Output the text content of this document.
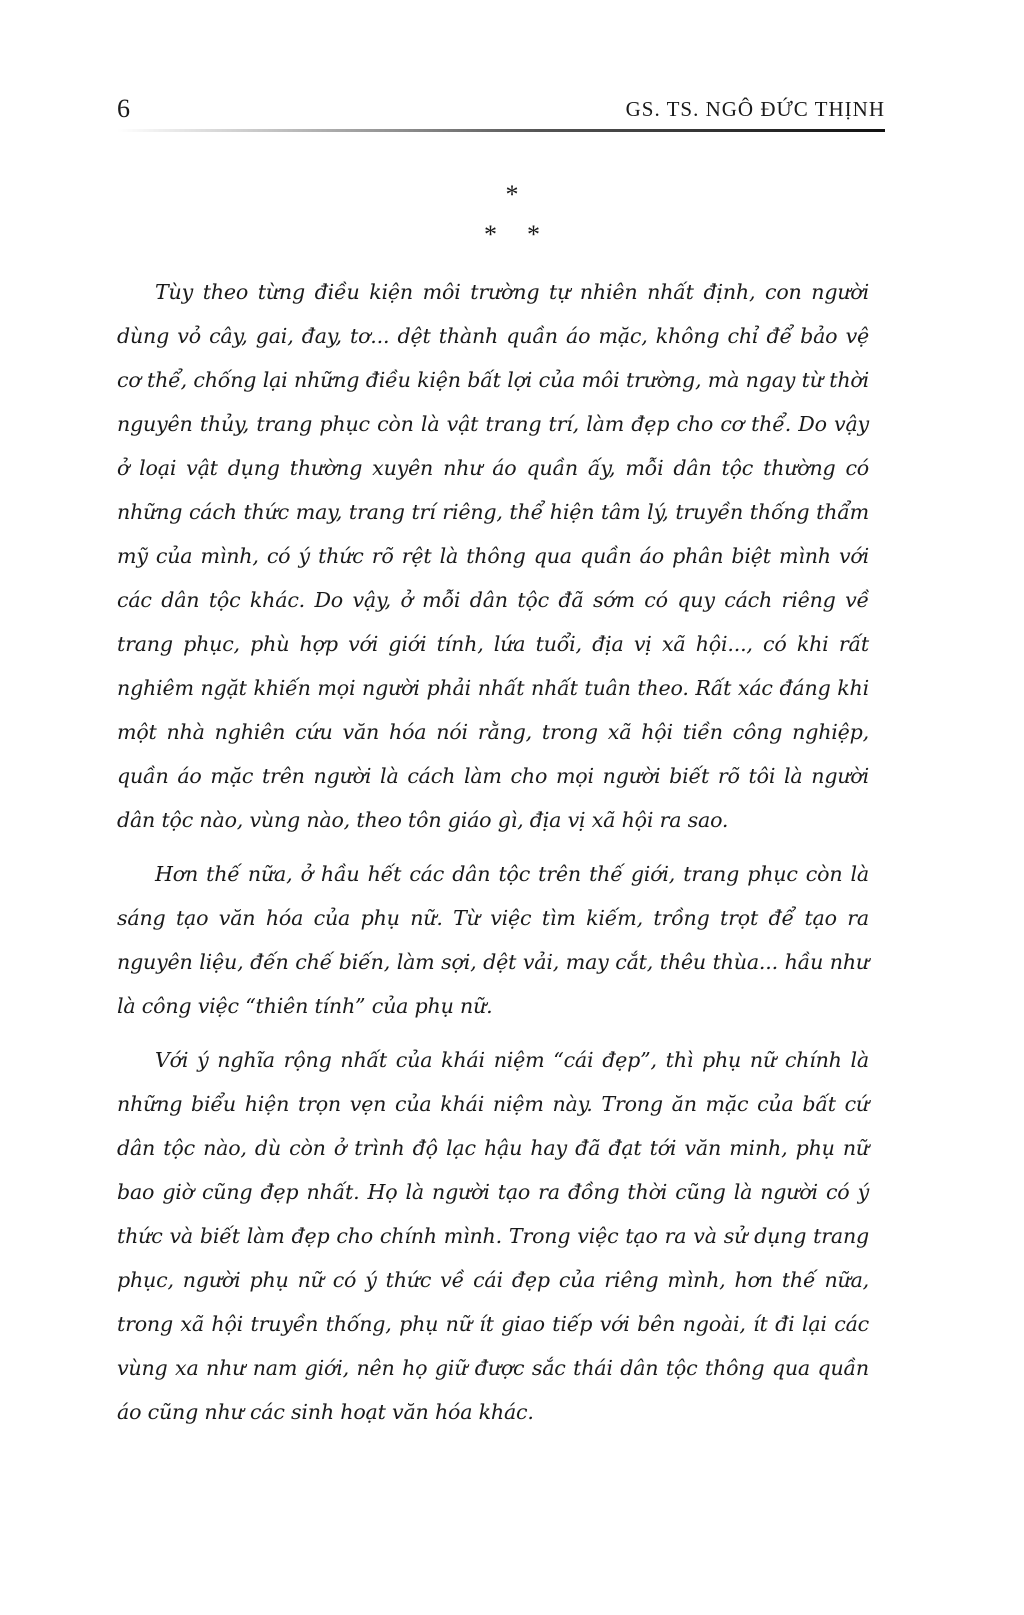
6	GS. TS. NGÔ ĐỨC THỊNH
*
* *

Tùy theo từng điều kiện môi trường tự nhiên nhất định, con người dùng vỏ cây, gai, đay, tơ... dệt thành quần áo mặc, không chỉ để bảo vệ cơ thể, chống lại những điều kiện bất lợi của môi trường, mà ngay từ thời nguyên thủy, trang phục còn là vật trang trí, làm đẹp cho cơ thể. Do vậy ở loại vật dụng thường xuyên như áo quần ấy, mỗi dân tộc thường có những cách thức may, trang trí riêng, thể hiện tâm lý, truyền thống thẩm mỹ của mình, có ý thức rõ rệt là thông qua quần áo phân biệt mình với các dân tộc khác. Do vậy, ở mỗi dân tộc đã sớm có quy cách riêng về trang phục, phù hợp với giới tính, lứa tuổi, địa vị xã hội..., có khi rất nghiêm ngặt khiến mọi người phải nhất nhất tuân theo. Rất xác đáng khi một nhà nghiên cứu văn hóa nói rằng, trong xã hội tiền công nghiệp, quần áo mặc trên người là cách làm cho mọi người biết rõ tôi là người dân tộc nào, vùng nào, theo tôn giáo gì, địa vị xã hội ra sao.

Hơn thế nữa, ở hầu hết các dân tộc trên thế giới, trang phục còn là sáng tạo văn hóa của phụ nữ. Từ việc tìm kiếm, trồng trọt để tạo ra nguyên liệu, đến chế biến, làm sợi, dệt vải, may cắt, thêu thùa... hầu như là công việc “thiên tính” của phụ nữ.

Với ý nghĩa rộng nhất của khái niệm “cái đẹp”, thì phụ nữ chính là những biểu hiện trọn vẹn của khái niệm này. Trong ăn mặc của bất cứ dân tộc nào, dù còn ở trình độ lạc hậu hay đã đạt tới văn minh, phụ nữ bao giờ cũng đẹp nhất. Họ là người tạo ra đồng thời cũng là người có ý thức và biết làm đẹp cho chính mình. Trong việc tạo ra và sử dụng trang phục, người phụ nữ có ý thức về cái đẹp của riêng mình, hơn thế nữa, trong xã hội truyền thống, phụ nữ ít giao tiếp với bên ngoài, ít đi lại các vùng xa như nam giới, nên họ giữ được sắc thái dân tộc thông qua quần áo cũng như các sinh hoạt văn hóa khác.
